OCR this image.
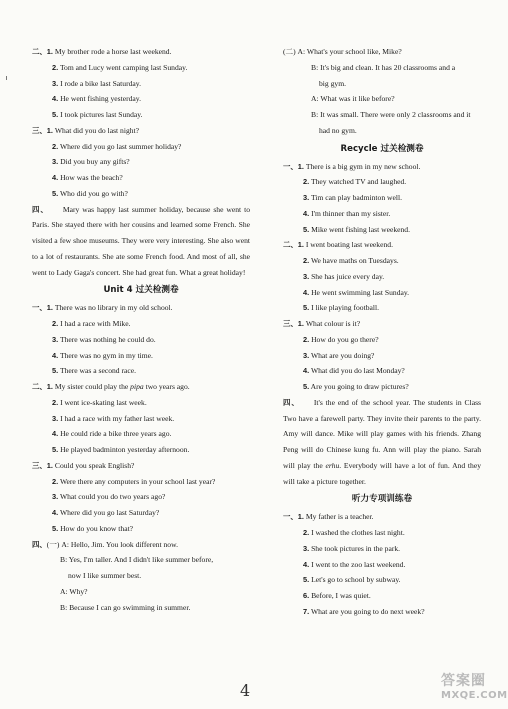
二、1. My brother rode a horse last weekend.
2. Tom and Lucy went camping last Sunday.
3. I rode a bike last Saturday.
4. He went fishing yesterday.
5. I took pictures last Sunday.
三、1. What did you do last night?
2. Where did you go last summer holiday?
3. Did you buy any gifts?
4. How was the beach?
5. Who did you go with?
四、 Mary was happy last summer holiday, because she went to Paris. She stayed there with her cousins and learned some French. She visited a few shoe museums. They were very interesting. She also went to a lot of restaurants. She ate some French food. And most of all, she went to Lady Gaga's concert. She had great fun. What a great holiday!
Unit 4 过关检测卷
一、1. There was no library in my old school.
2. I had a race with Mike.
3. There was nothing he could do.
4. There was no gym in my time.
5. There was a second race.
二、1. My sister could play the pipa two years ago.
2. I went ice-skating last week.
3. I had a race with my father last week.
4. He could ride a bike three years ago.
5. He played badminton yesterday afternoon.
三、1. Could you speak English?
2. Were there any computers in your school last year?
3. What could you do two years ago?
4. Where did you go last Saturday?
5. How do you know that?
四、(一) A: Hello, Jim. You look different now.
B: Yes, I'm taller. And I didn't like summer before,
now I like summer best.
A: Why?
B: Because I can go swimming in summer.
(二) A: What's your school like, Mike?
B: It's big and clean. It has 20 classrooms and a
big gym.
A: What was it like before?
B: It was small. There were only 2 classrooms and it
had no gym.
Recycle 过关检测卷
一、1. There is a big gym in my new school.
2. They watched TV and laughed.
3. Tim can play badminton well.
4. I'm thinner than my sister.
5. Mike went fishing last weekend.
二、1. I went boating last weekend.
2. We have maths on Tuesdays.
3. She has juice every day.
4. He went swimming last Sunday.
5. I like playing football.
三、1. What colour is it?
2. How do you go there?
3. What are you doing?
4. What did you do last Monday?
5. Are you going to draw pictures?
四、 It's the end of the school year. The students in Class Two have a farewell party. They invite their parents to the party. Amy will dance. Mike will play games with his friends. Zhang Peng will do Chinese kung fu. Ann will play the piano. Sarah will play the erhu. Everybody will have a lot of fun. And they will take a picture together.
听力专项训练卷
一、1. My father is a teacher.
2. I washed the clothes last night.
3. She took pictures in the park.
4. I went to the zoo last weekend.
5. Let's go to school by subway.
6. Before, I was quiet.
7. What are you going to do next week?
4	答案圈
MXQE.COM
